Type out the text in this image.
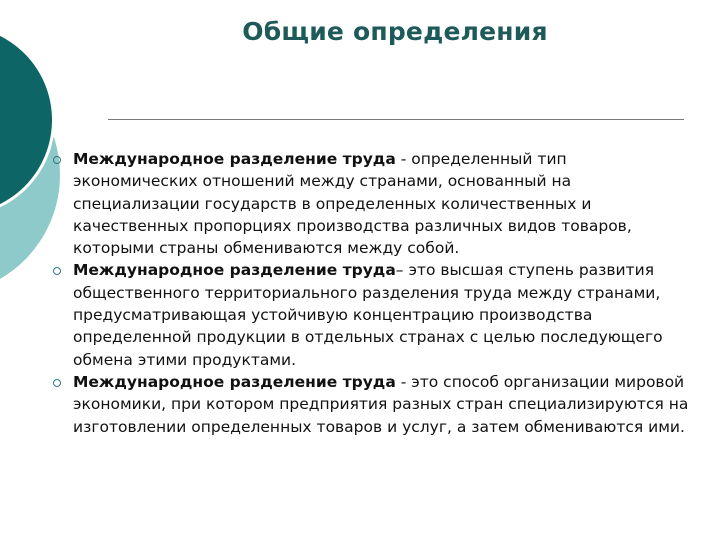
Общие определения
Международное разделение труда - определенный тип экономических отношений между странами, основанный на специализации государств в определенных количественных и качественных пропорциях производства различных видов товаров, которыми страны обмениваются между собой.
Международное разделение труда– это высшая ступень развития общественного территориального разделения труда между странами, предусматривающая устойчивую концентрацию производства определенной продукции в отдельных странах с целью последующего обмена этими продуктами.
Международное разделение труда - это способ организации мировой экономики, при котором предприятия разных стран специализируются на изготовлении определенных товаров и услуг, а затем обмениваются ими.
